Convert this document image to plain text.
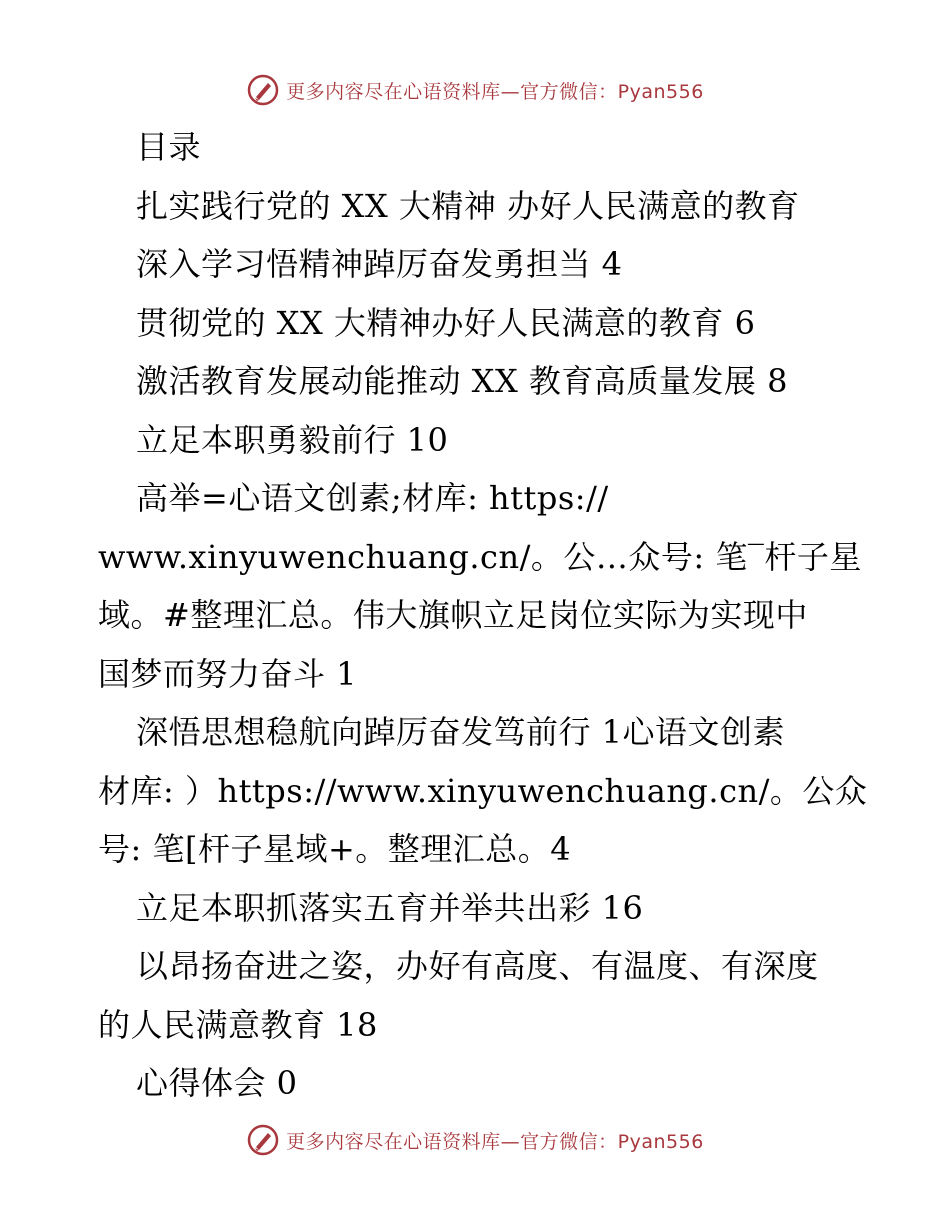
更多内容尽在心语资料库—官方微信：Pyan556
目录
扎实践行党的 XX 大精神 办好人民满意的教育
深入学习悟精神踔厉奋发勇担当 4
贯彻党的 XX 大精神办好人民满意的教育 6
激活教育发展动能推动 XX 教育高质量发展 8
立足本职勇毅前行 10
高举=心语文创素;材库: https://
www.xinyuwenchuang.cn/。公…众号: 笔‾杆子星
域。#整理汇总。伟大旗帜立足岗位实际为实现中
国梦而努力奋斗 1
深悟思想稳航向踔厉奋发笃前行 1心语文创素
材库: ）https://www.xinyuwenchuang.cn/。公众
号: 笔[杆子星域+。整理汇总。4
立足本职抓落实五育并举共出彩 16
以昂扬奋进之姿，办好有高度、有温度、有深度
的人民满意教育 18
心得体会 0
更多内容尽在心语资料库—官方微信：Pyan556
